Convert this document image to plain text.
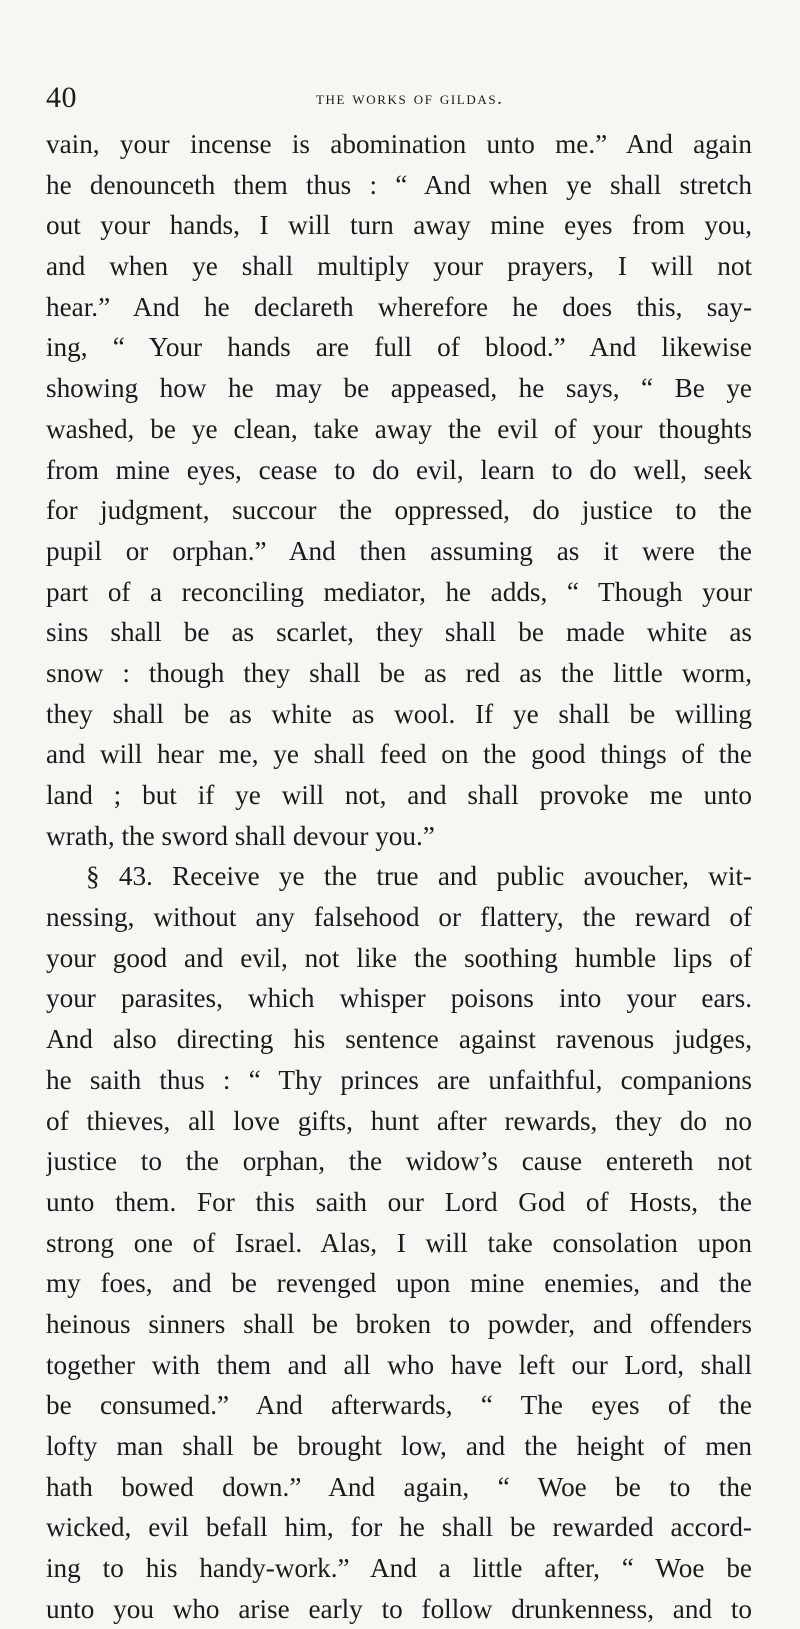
40	the works of gildas.
vain, your incense is abomination unto me.” And again
he denounceth them thus : “ And when ye shall stretch
out your hands, I will turn away mine eyes from you,
and when ye shall multiply your prayers, I will not
hear.” And he declareth wherefore he does this, say-
ing, “ Your hands are full of blood.” And likewise
showing how he may be appeased, he says, “ Be ye
washed, be ye clean, take away the evil of your thoughts
from mine eyes, cease to do evil, learn to do well, seek
for judgment, succour the oppressed, do justice to the
pupil or orphan.” And then assuming as it were the
part of a reconciling mediator, he adds, “ Though your
sins shall be as scarlet, they shall be made white as
snow : though they shall be as red as the little worm,
they shall be as white as wool. If ye shall be willing
and will hear me, ye shall feed on the good things of the
land ; but if ye will not, and shall provoke me unto
wrath, the sword shall devour you.”
§ 43. Receive ye the true and public avoucher, wit-
nessing, without any falsehood or flattery, the reward of
your good and evil, not like the soothing humble lips of
your parasites, which whisper poisons into your ears.
And also directing his sentence against ravenous judges,
he saith thus : “ Thy princes are unfaithful, companions
of thieves, all love gifts, hunt after rewards, they do no
justice to the orphan, the widow’s cause entereth not
unto them. For this saith our Lord God of Hosts, the
strong one of Israel. Alas, I will take consolation upon
my foes, and be revenged upon mine enemies, and the
heinous sinners shall be broken to powder, and offenders
together with them and all who have left our Lord, shall
be consumed.” And afterwards, “ The eyes of the
lofty man shall be brought low, and the height of men
hath bowed down.” And again, “ Woe be to the
wicked, evil befall him, for he shall be rewarded accord-
ing to his handy-work.” And a little after, “ Woe be
unto you who arise early to follow drunkenness, and to
